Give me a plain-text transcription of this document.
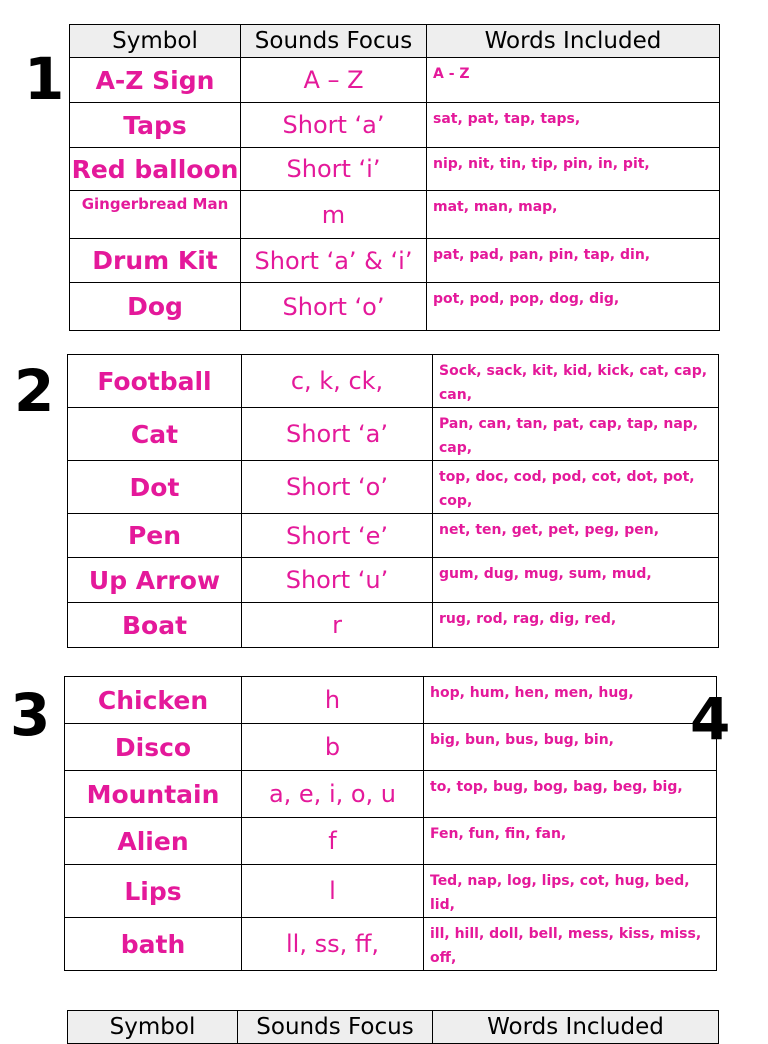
1
2
3	4
Symbol	Sounds Focus	Words Included
A-Z Sign	A – Z	A - Z
Taps	Short ‘a’	sat, pat, tap, taps,
Red balloon	Short ‘i’	nip, nit, tin, tip, pin, in, pit,
Gingerbread Man	m	mat, man, map,
Drum Kit	Short ‘a’ & ‘i’	pat, pad, pan, pin, tap, din,
Dog	Short ‘o’	pot, pod, pop, dog, dig,
Football	c, k, ck,	Sock, sack, kit, kid, kick, cat, cap, can,
Cat	Short ‘a’	Pan, can, tan, pat, cap, tap, nap, cap,
Dot	Short ‘o’	top, doc, cod, pod, cot, dot, pot, cop,
Pen	Short ‘e’	net, ten, get, pet, peg, pen,
Up Arrow	Short ‘u’	gum, dug, mug, sum, mud,
Boat	r	rug, rod, rag, dig, red,
Chicken	h	hop, hum, hen, men, hug,
Disco	b	big, bun, bus, bug, bin,
Mountain	a, e, i, o, u	to, top, bug, bog, bag, beg, big,
Alien	f	Fen, fun, fin, fan,
Lips	l	Ted, nap, log, lips, cot, hug, bed, lid,
bath	ll, ss, ff,	ill, hill, doll, bell, mess, kiss, miss, off,
Symbol	Sounds Focus	Words Included
